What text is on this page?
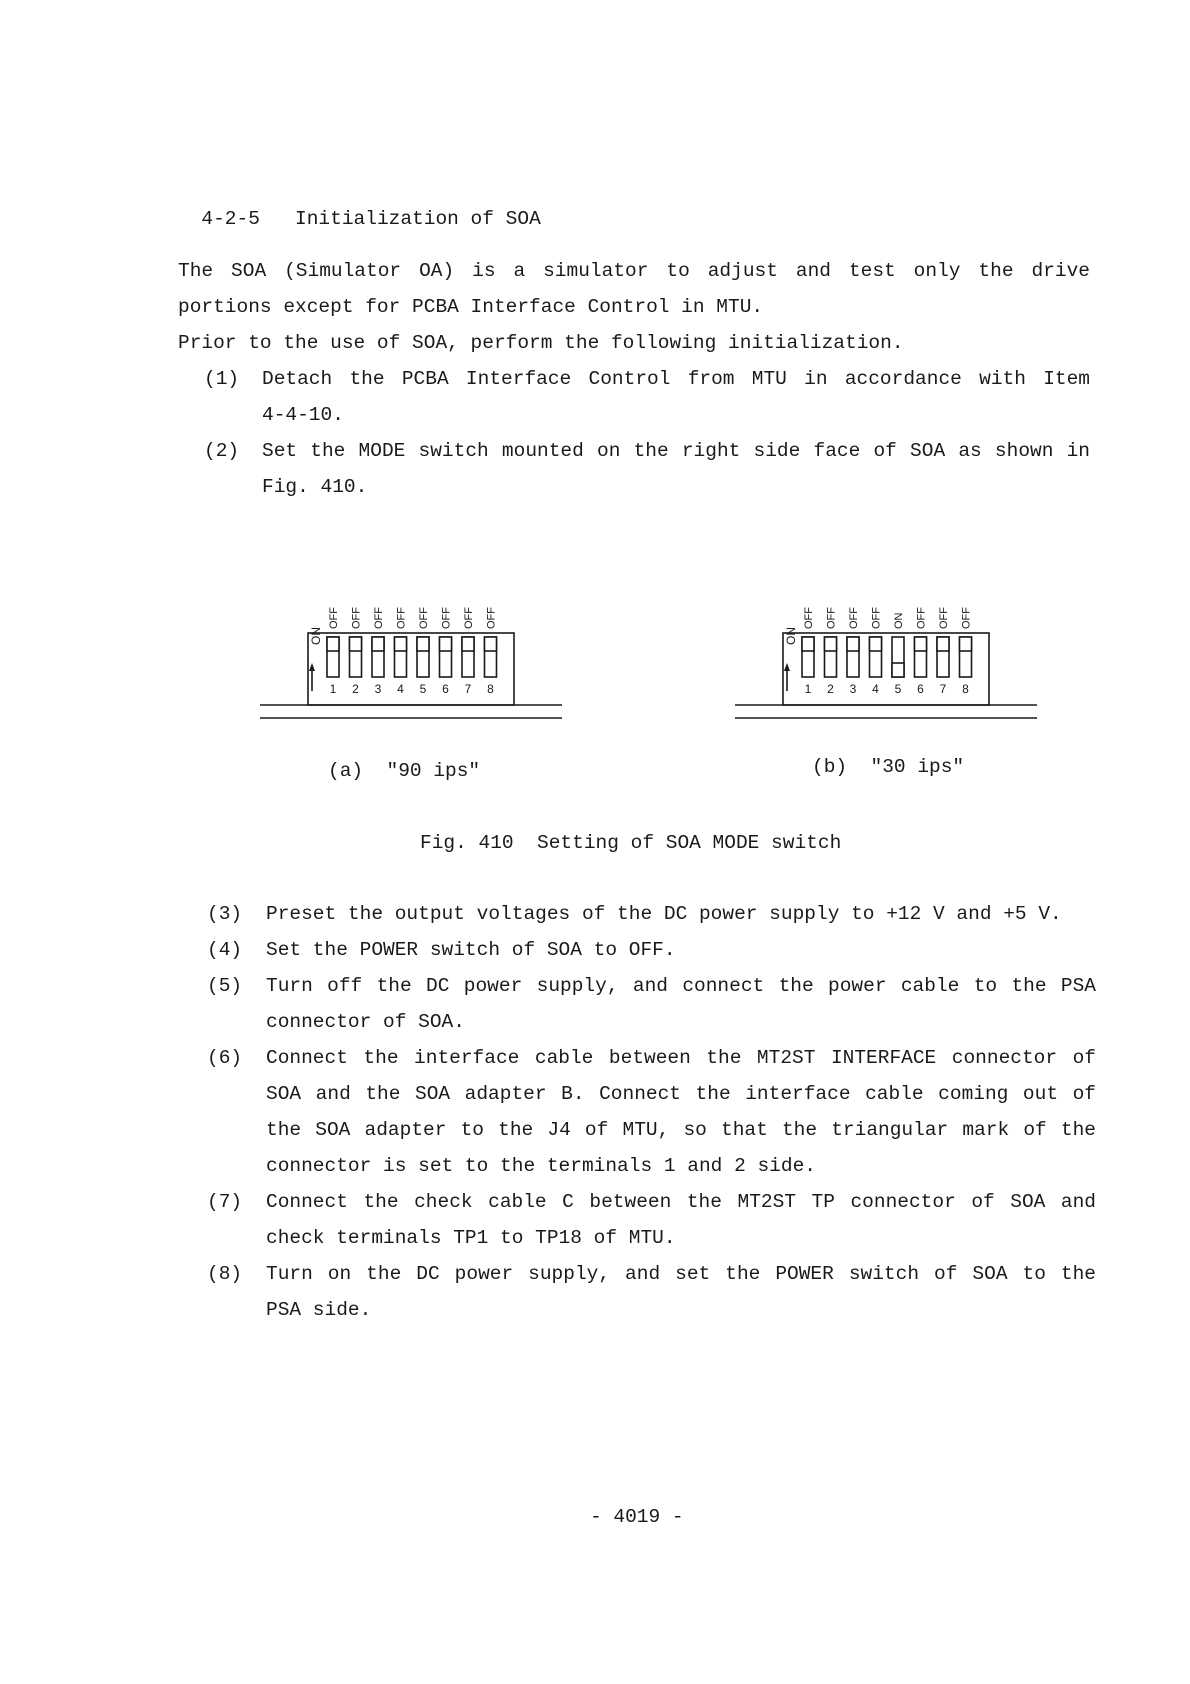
4-2-5 Initialization of SOA

The SOA (Simulator OA) is a simulator to adjust and test only the drive
portions except for PCBA Interface Control in MTU.
Prior to the use of SOA, perform the following initialization.
(1) Detach the PCBA Interface Control from MTU in accordance with Item
4-4-10.
(2) Set the MODE switch mounted on the right side face of SOA as shown in
Fig. 410.
OFF OFF OFF OFF OFF OFF OFF OFF
ON
1 2 3 4 5 6 7 8
OFF OFF OFF OFF ON OFF OFF OFF
ON
1 2 3 4 5 6 7 8
(a)  "90 ips"	(b)  "30 ips"
Fig. 410  Setting of SOA MODE switch
(3) Preset the output voltages of the DC power supply to +12 V and +5 V.
(4) Set the POWER switch of SOA to OFF.
(5) Turn off the DC power supply, and connect the power cable to the PSA
connector of SOA.
(6) Connect the interface cable between the MT2ST INTERFACE connector of
SOA and the SOA adapter B. Connect the interface cable coming out of
the SOA adapter to the J4 of MTU, so that the triangular mark of the
connector is set to the terminals 1 and 2 side.
(7) Connect the check cable C between the MT2ST TP connector of SOA and
check terminals TP1 to TP18 of MTU.
(8) Turn on the DC power supply, and set the POWER switch of SOA to the
PSA side.
- 4019 -
